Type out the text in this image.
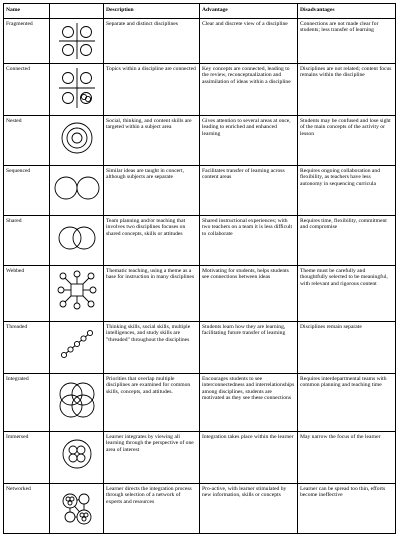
Name		Description	Advantage	Disadvantages
Fragmented		Separate and distinct disciplines	Clear and discrete view of a discipline	Connections are not made clear for students; less transfer of learning
Connected		Topics within a discipline are connected	Key concepts are connected, leading to the review, reconceptualization and assimilation of ideas within a discipline	Disciplines are not related; content focus remains within the discipline
Nested		Social, thinking, and content skills are targeted within a subject area	Gives attention to several areas at once, leading to enriched and enhanced learning	Students may be confused and lose sight of the main concepts of the activity or lesson
Sequenced		Similar ideas are taught in concert, although subjects are separate	Facilitates transfer of learning across content areas	Requires ongoing collaboration and flexibility, as teachers have less autonomy in sequencing curricula
Shared		Team planning and/or teaching that involves two disciplines focuses on shared concepts, skills or attitudes	Shared instructional experiences; with two teachers on a team it is less difficult to collaborate	Requires time, flexibility, commitment and compromise
Webbed		Thematic teaching, using a theme as a base for instruction in many disciplines	Motivating for students, helps students see connections between ideas	Theme must be carefully and thoughtfully selected to be meaningful, with relevant and rigorous content
Threaded		Thinking skills, social skills, multiple intelligences, and study skills are "threaded" throughout the disciplines	Students learn how they are learning, facilitating future transfer of learning	Disciplines remain separate
Integrated		Priorities that overlap multiple disciplines are examined for common skills, concepts, and attitudes.	Encourages students to see interconnectedness and interrelationships among disciplines, students are motivated as they see these connections	Requires interdepartmental teams with common planning and teaching time
Immersed		Learner integrates by viewing all learning through the perspective of one area of interest	Integration takes place within the learner	May narrow the focus of the learner
Networked		Learner directs the integration process through selection of a network of experts and resources	Pro-active, with learner stimulated by new information, skills or concepts	Learner can be spread too thin, efforts become ineffective
